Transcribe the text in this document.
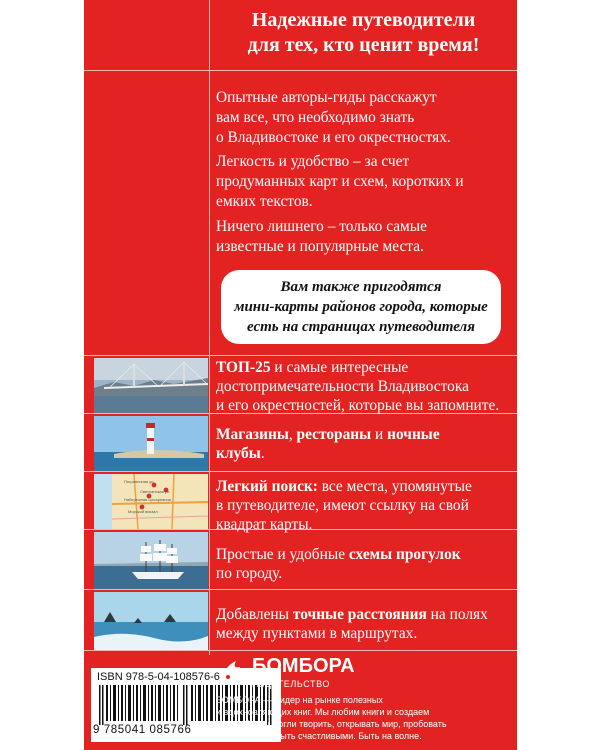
Надежные путеводители
для тех, кто ценит время!
Опытные авторы-гиды расскажут
вам все, что необходимо знать
о Владивостоке и его окрестностях.
Легкость и удобство – за счет
продуманных карт и схем, коротких и
емких текстов.
Ничего лишнего – только самые
известные и популярные места.
Вам также пригодятся
мини-карты районов города, которые
есть на страницах путеводителя
Пограничная ул.
Светланская ул.
Набережная Цесаревича
Морской вокзал
ТОП-25 и самые интересные
достопримечательности Владивостока
и его окрестностей, которые вы запомните.
Магазины, рестораны и ночные
клубы.
Легкий поиск: все места, упомянутые
в путеводителе, имеют ссылку на свой
квадрат карты.
Простые и удобные схемы прогулок
по городу.
Добавлены точные расстояния на полях
между пунктами в маршрутах.
ISBN 978-5-04-108576-6
9 785041 085766
БОМБОРА
ИЗДАТЕЛЬСТВО
БОМБОРА — лидер на рынке полезных
и вдохновляющих книг. Мы любим книги и создаем
их, чтобы вы могли творить, открывать мир, пробовать
новое, расти. Быть счастливыми. Быть на волне.
